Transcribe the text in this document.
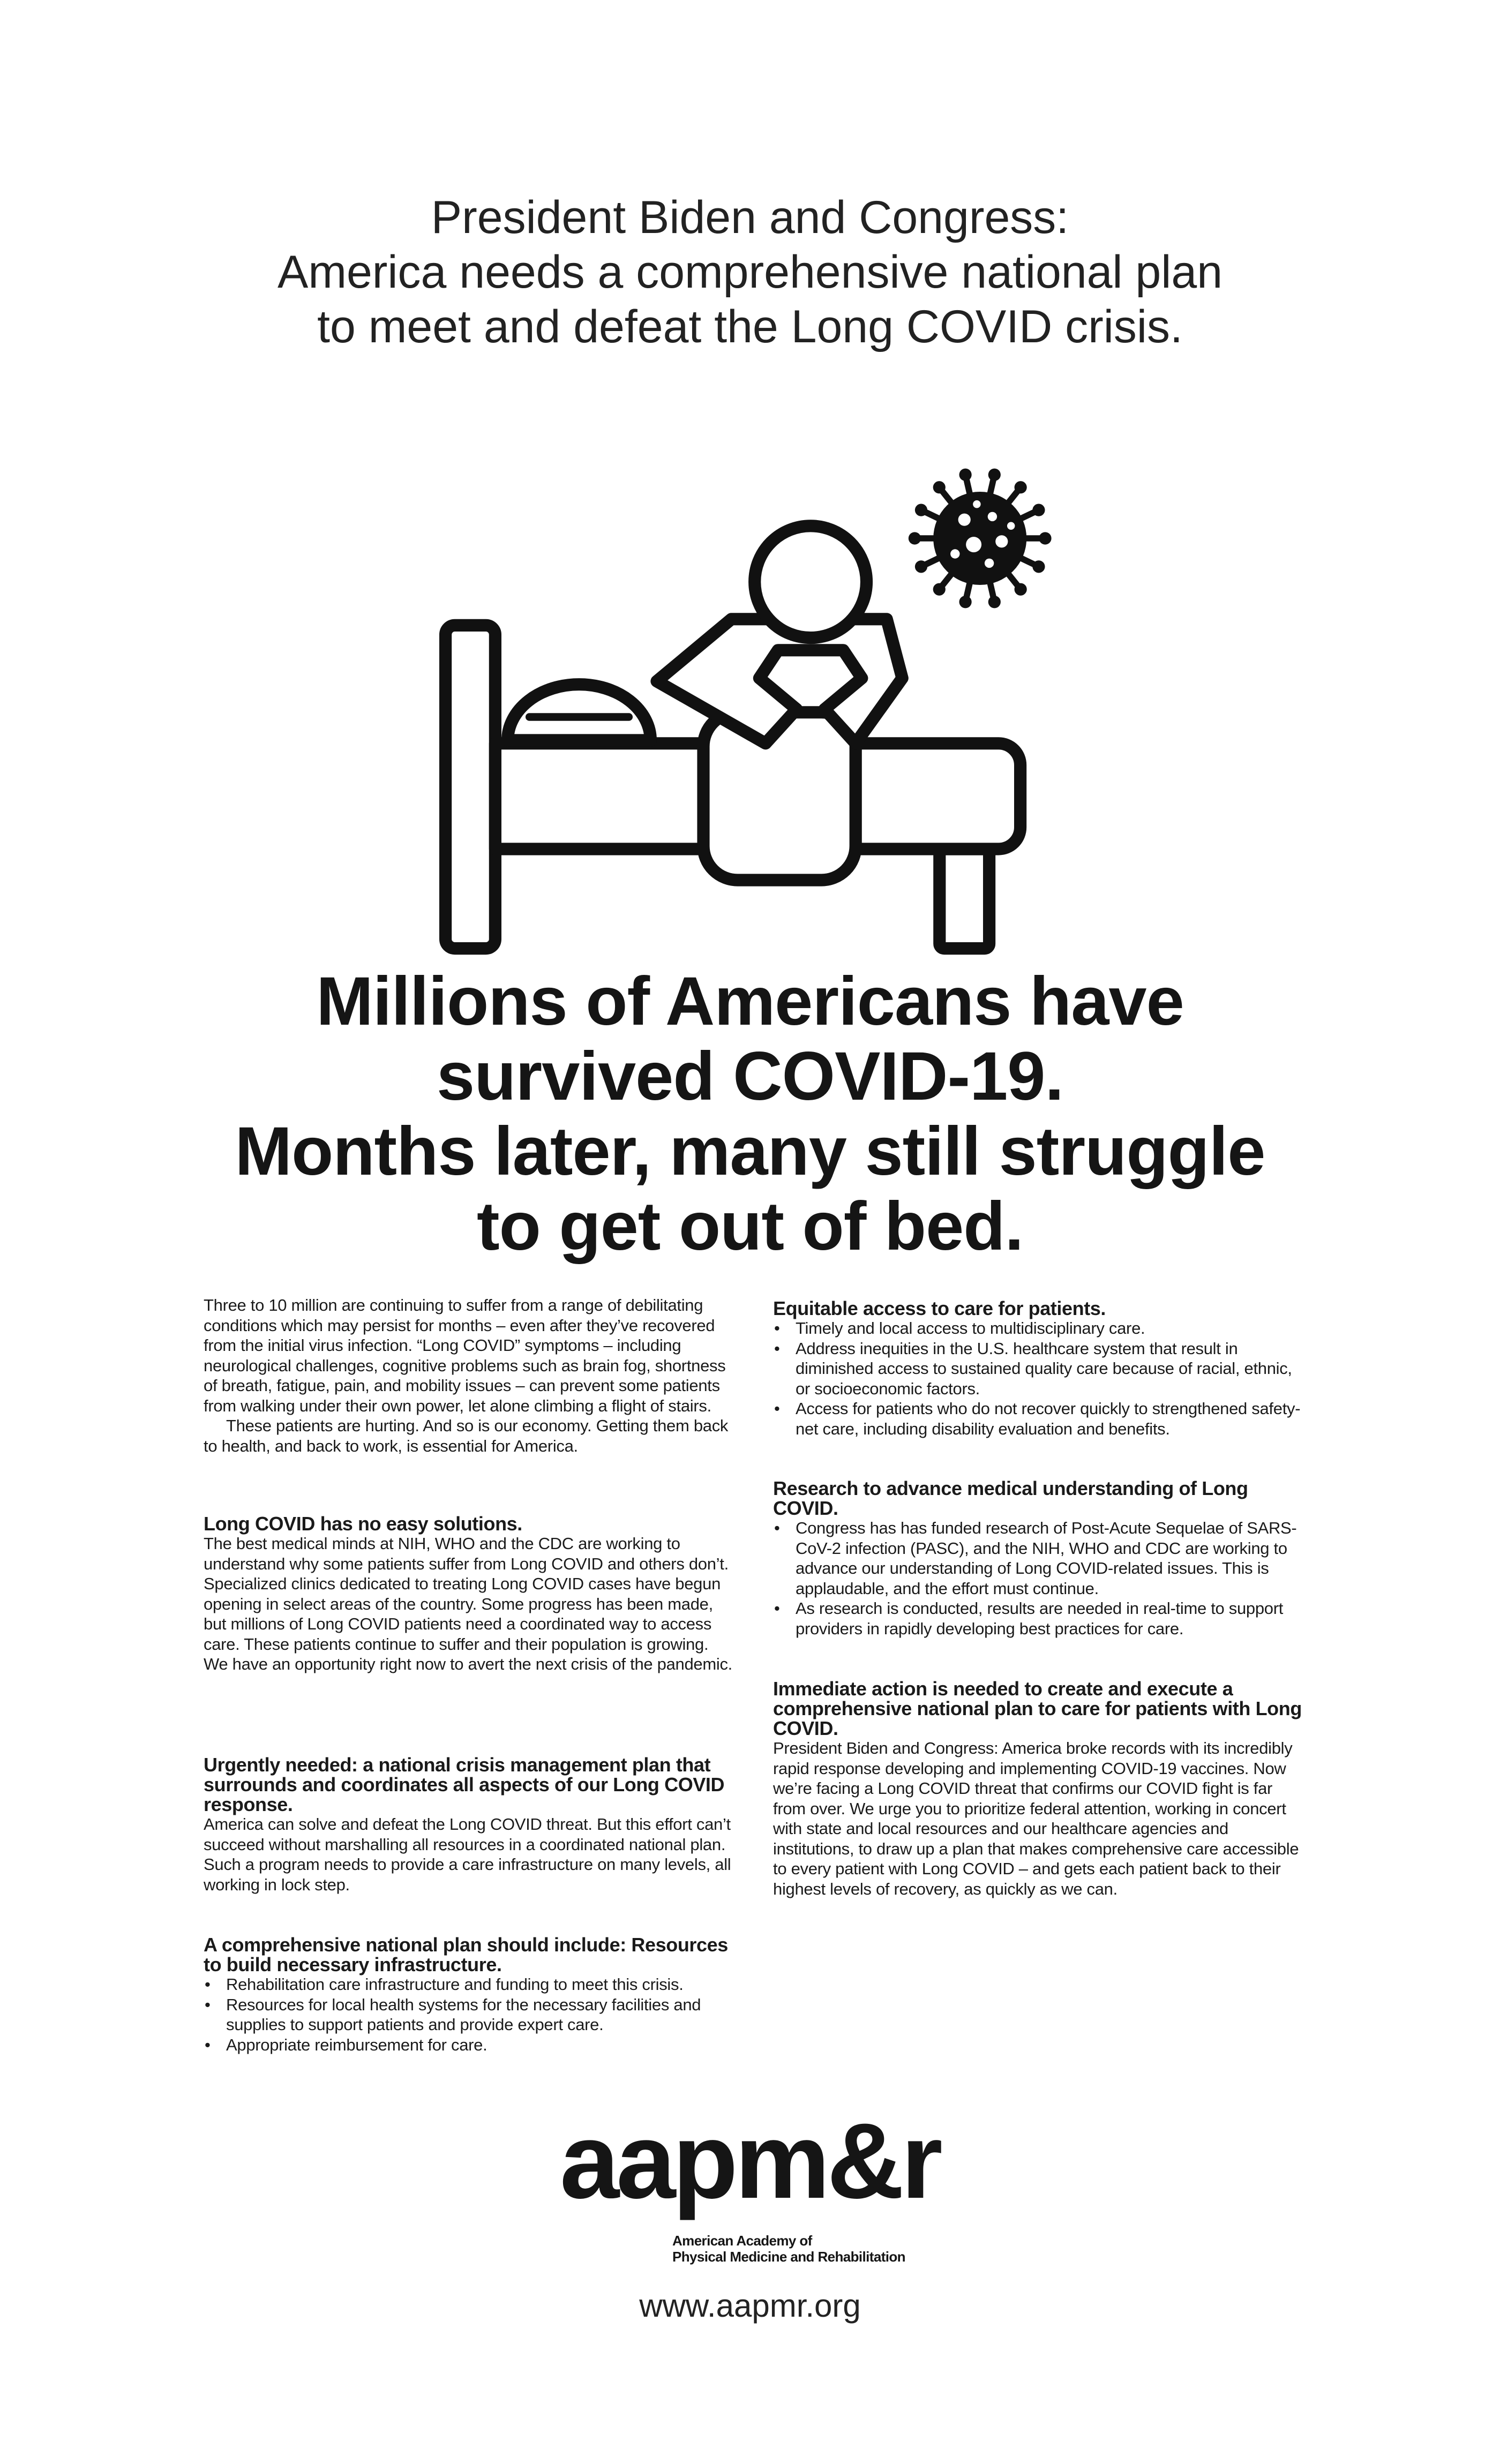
President Biden and Congress:
America needs a comprehensive national plan
to meet and defeat the Long COVID crisis.
Millions of Americans have
survived COVID-19.
Months later, many still struggle
to get out of bed.

Three to 10 million are continuing to suffer from a range of debilitating conditions which may persist for months – even after they’ve recovered from the initial virus infection. “Long COVID” symptoms – including neurological challenges, cognitive problems such as brain fog, shortness of breath, fatigue, pain, and mobility issues – can prevent some patients from walking under their own power, let alone climbing a flight of stairs.

These patients are hurting. And so is our economy. Getting them back to health, and back to work, is essential for America.

Long COVID has no easy solutions.

The best medical minds at NIH, WHO and the CDC are working to understand why some patients suffer from Long COVID and others don’t. Specialized clinics dedicated to treating Long COVID cases have begun opening in select areas of the country. Some progress has been made, but millions of Long COVID patients need a coordinated way to access care. These patients continue to suffer and their population is growing. We have an opportunity right now to avert the next crisis of the pandemic.

Urgently needed: a national crisis management plan that surrounds and coordinates all aspects of our Long COVID response.

America can solve and defeat the Long COVID threat. But this effort can’t succeed without marshalling all resources in a coordinated national plan. Such a program needs to provide a care infrastructure on many levels, all working in lock step.

A comprehensive national plan should include: Resources to build necessary infrastructure.
• Rehabilitation care infrastructure and funding to meet this crisis.
• Resources for local health systems for the necessary facilities and supplies to support patients and provide expert care.
• Appropriate reimbursement for care.
Equitable access to care for patients.
• Timely and local access to multidisciplinary care.
• Address inequities in the U.S. healthcare system that result in diminished access to sustained quality care because of racial, ethnic, or socioeconomic factors.
• Access for patients who do not recover quickly to strengthened safety-net care, including disability evaluation and benefits.
Research to advance medical understanding of Long COVID.
• Congress has has funded research of Post-Acute Sequelae of SARS-CoV-2 infection (PASC), and the NIH, WHO and CDC are working to advance our understanding of Long COVID-related issues. This is applaudable, and the effort must continue.
• As research is conducted, results are needed in real-time to support providers in rapidly developing best practices for care.
Immediate action is needed to create and execute a comprehensive national plan to care for patients with Long COVID.

President Biden and Congress: America broke records with its incredibly rapid response developing and implementing COVID-19 vaccines. Now we’re facing a Long COVID threat that confirms our COVID fight is far from over. We urge you to prioritize federal attention, working in concert with state and local resources and our healthcare agencies and institutions, to draw up a plan that makes comprehensive care accessible to every patient with Long COVID – and gets each patient back to their highest levels of recovery, as quickly as we can.

aapm&r
American Academy of
Physical Medicine and Rehabilitation
www.aapmr.org
